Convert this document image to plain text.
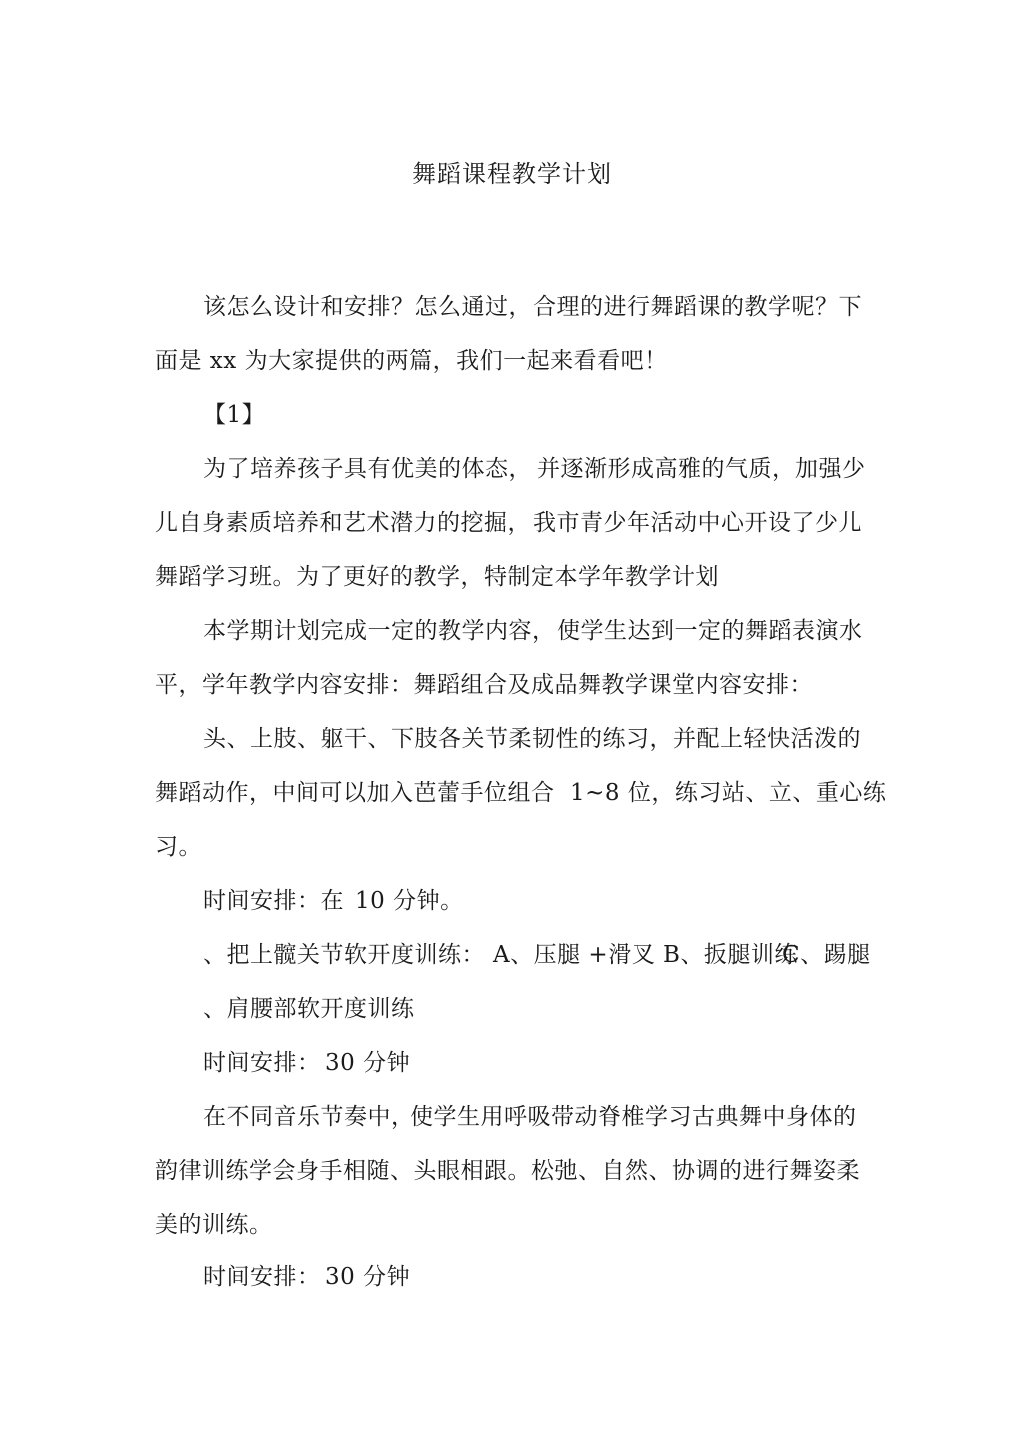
舞蹈课程教学计划
该怎么设计和安排？怎么通过， 合理的进行舞蹈课的教学呢？下
面是 xx 为大家提供的两篇，我们一起来看看吧！
【1】
为了培养孩子具有优美的体态， 并逐渐形成高雅的气质， 加强少
儿自身素质培养和艺术潜力的挖掘， 我市青少年活动中心开设了少儿
舞蹈学习班。为了更好的教学，特制定本学年教学计划
本学期计划完成一定的教学内容， 使学生达到一定的舞蹈表演水
平，学年教学内容安排：舞蹈组合及成品舞教学课堂内容安排：
头、上肢、躯干、下肢各关节柔韧性的练习，并配上轻快活泼的
舞蹈动作，中间可以加入芭蕾手位组合 1~8 位，练习站、立、重心练
习。
时间安排：在 10 分钟。
、把上髋关节软开度训练： A、压腿 +滑叉 B、扳腿训练
C、踢腿
、肩腰部软开度训练
时间安排： 30 分钟
在不同音乐节奏中，
使学生用呼吸带动脊椎学习古典舞中身体的
韵律训练学会身手相随、头眼相跟。松弛、自然、协调的进行舞姿柔
美的训练。
时间安排： 30 分钟
